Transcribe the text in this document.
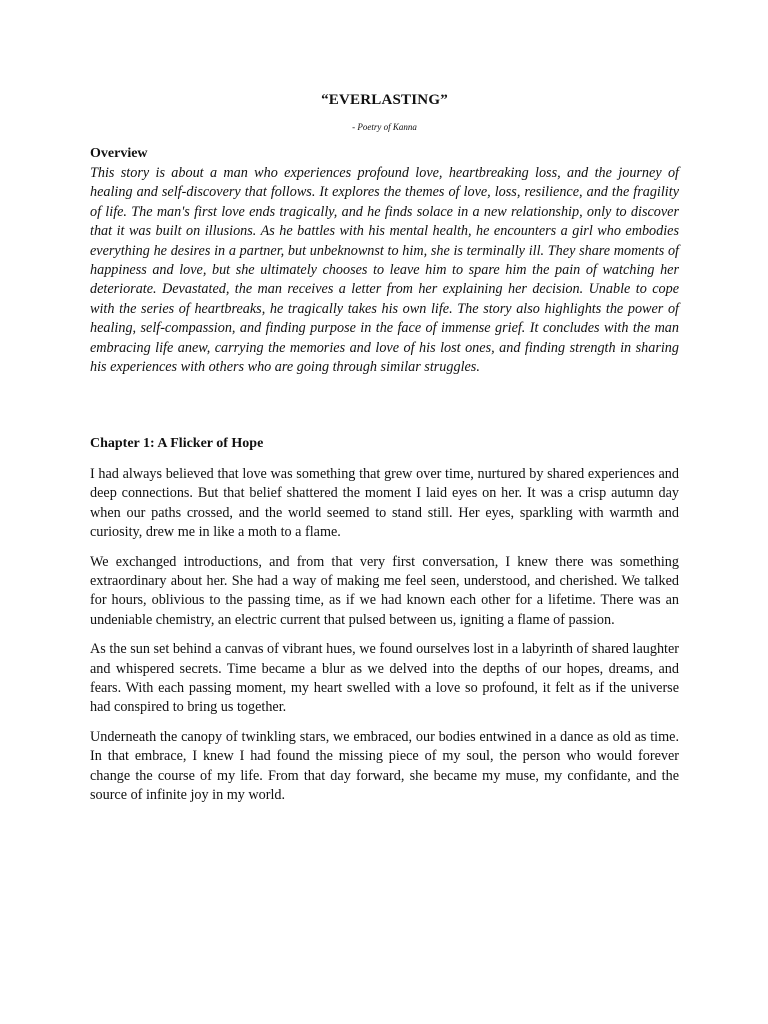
“EVERLASTING”
- Poetry of Kanna
Overview

This story is about a man who experiences profound love, heartbreaking loss, and the journey of healing and self-discovery that follows. It explores the themes of love, loss, resilience, and the fragility of life. The man's first love ends tragically, and he finds solace in a new relationship, only to discover that it was built on illusions. As he battles with his mental health, he encounters a girl who embodies everything he desires in a partner, but unbeknownst to him, she is terminally ill. They share moments of happiness and love, but she ultimately chooses to leave him to spare him the pain of watching her deteriorate. Devastated, the man receives a letter from her explaining her decision. Unable to cope with the series of heartbreaks, he tragically takes his own life. The story also highlights the power of healing, self-compassion, and finding purpose in the face of immense grief. It concludes with the man embracing life anew, carrying the memories and love of his lost ones, and finding strength in sharing his experiences with others who are going through similar struggles.

Chapter 1: A Flicker of Hope

I had always believed that love was something that grew over time, nurtured by shared experiences and deep connections. But that belief shattered the moment I laid eyes on her. It was a crisp autumn day when our paths crossed, and the world seemed to stand still. Her eyes, sparkling with warmth and curiosity, drew me in like a moth to a flame.

We exchanged introductions, and from that very first conversation, I knew there was something extraordinary about her. She had a way of making me feel seen, understood, and cherished. We talked for hours, oblivious to the passing time, as if we had known each other for a lifetime. There was an undeniable chemistry, an electric current that pulsed between us, igniting a flame of passion.

As the sun set behind a canvas of vibrant hues, we found ourselves lost in a labyrinth of shared laughter and whispered secrets. Time became a blur as we delved into the depths of our hopes, dreams, and fears. With each passing moment, my heart swelled with a love so profound, it felt as if the universe had conspired to bring us together.

Underneath the canopy of twinkling stars, we embraced, our bodies entwined in a dance as old as time. In that embrace, I knew I had found the missing piece of my soul, the person who would forever change the course of my life. From that day forward, she became my muse, my confidante, and the source of infinite joy in my world.
